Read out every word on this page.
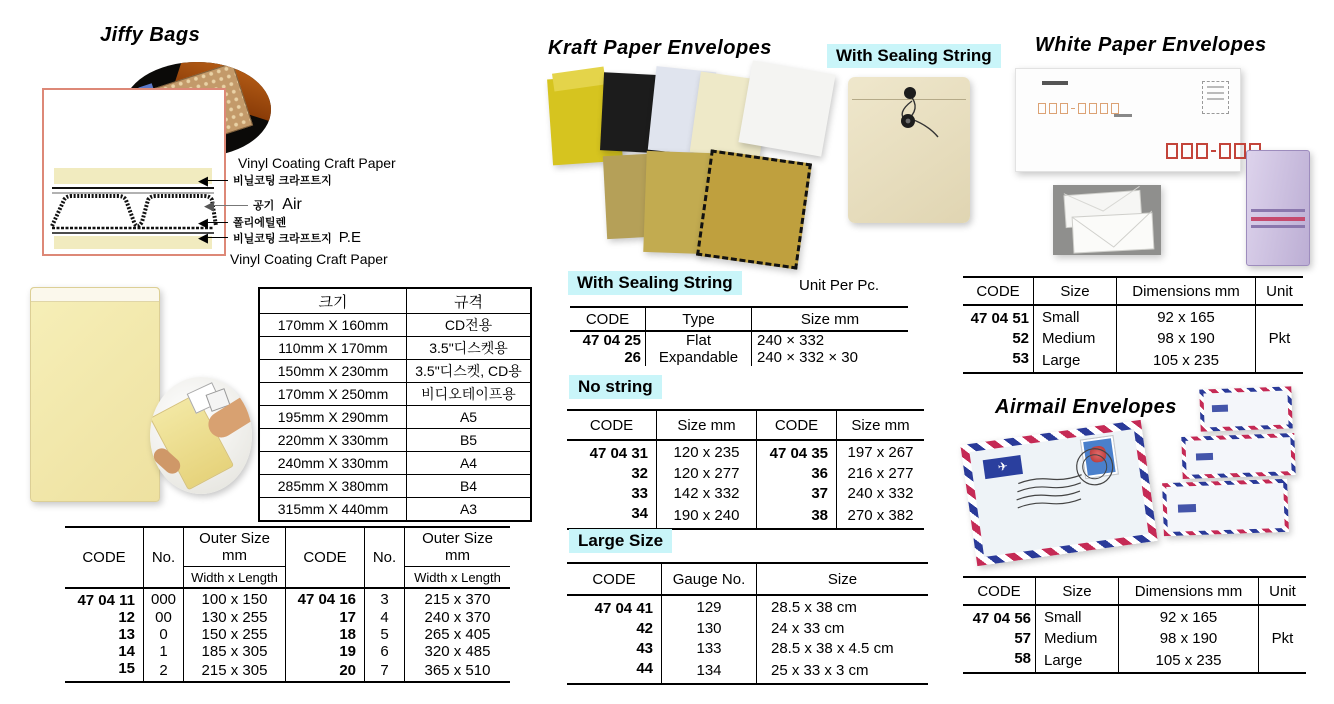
Jiffy Bags
Vinyl Coating Craft Paper
◀ 비닐코팅 크라프트지
◀	공기 Air
◀ 폴리에틸렌
◀ 비닐코팅 크라프트지 P.E
Vinyl Coating Craft Paper
크기	규격
170mm X 160mm	CD전용
110mm X 170mm	3.5"디스켓용
150mm X 230mm	3.5"디스켓, CD용
170mm X 250mm	비디오테이프용
195mm X 290mm	A5
220mm X 330mm	B5
240mm X 330mm	A4
285mm X 380mm	B4
315mm X 440mm	A3
CODE	No.	
Outer Size
mm	CODE	No.	
Outer Size
mm

		Width x Length			Width x Length
47 04 11	000	100 x 150	47 04 16	3	215 x 370
12	00	130 x 255	17	4	240 x 370
13	0	150 x 255	18	5	265 x 405
14	1	185 x 305	19	6	320 x 485
15	2	215 x 305	20	7	365 x 510
Kraft Paper Envelopes
With Sealing String	Unit Per Pc.
CODE	Type	Size mm
47 04 25	Flat	240 × 332
26	Expandable	240 × 332 × 30
No string
CODE	Size mm	CODE	Size mm
47 04 31	120 x 235	47 04 35	197 x 267
32	120 x 277	36	216 x 277
33	142 x 332	37	240 x 332
34	190 x 240	38	270 x 382
Large Size
CODE	Gauge No.	Size
47 04 41	129	28.5 x 38 cm
42	130	24 x 33 cm
43	133	28.5 x 38 x 4.5 cm
44	134	25 x 33 x 3 cm
With Sealing String	White Paper Envelopes
CODE	Size	Dimensions mm	Unit
47 04 51	Small	92 x 165	Pkt
52	Medium	98 x 190	
53	Large	105 x 235	
Airmail Envelopes
✈
CODE	Size	Dimensions mm	Unit
47 04 56	Small	92 x 165	Pkt
57	Medium	98 x 190	
58	Large	105 x 235	
